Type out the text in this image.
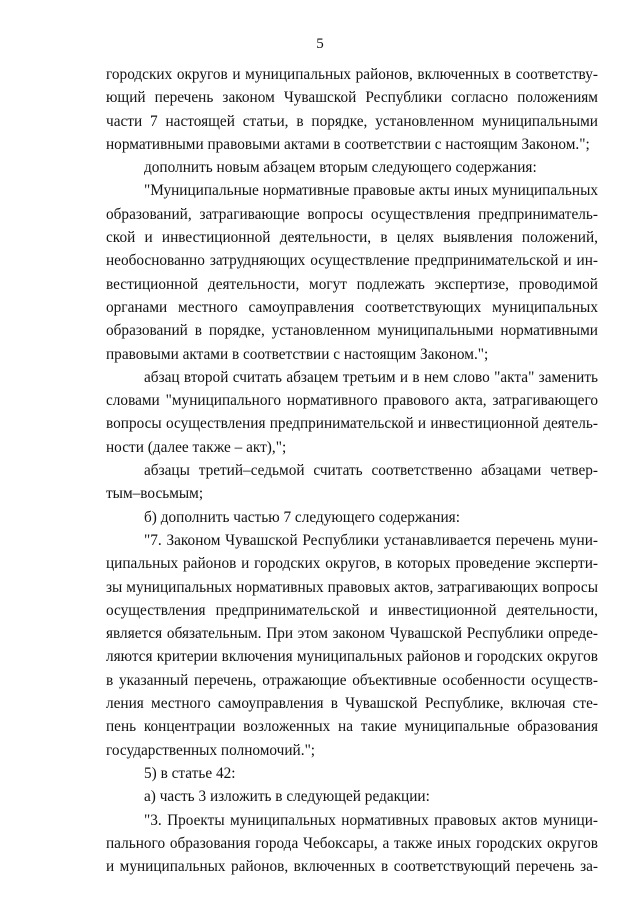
5
городских округов и муниципальных районов, включенных в соответству-
ющий перечень законом Чувашской Республики согласно положениям
части 7 настоящей статьи, в порядке, установленном муниципальными
нормативными правовыми актами в соответствии с настоящим Законом.";
дополнить новым абзацем вторым следующего содержания:
"Муниципальные нормативные правовые акты иных муниципальных
образований, затрагивающие вопросы осуществления предприниматель-
ской и инвестиционной деятельности, в целях выявления положений,
необоснованно затрудняющих осуществление предпринимательской и ин-
вестиционной деятельности, могут подлежать экспертизе, проводимой
органами местного самоуправления соответствующих муниципальных
образований в порядке, установленном муниципальными нормативными
правовыми актами в соответствии с настоящим Законом.";
абзац второй считать абзацем третьим и в нем слово "акта" заменить
словами "муниципального нормативного правового акта, затрагивающего
вопросы осуществления предпринимательской и инвестиционной деятель-
ности (далее также – акт),";
абзацы третий–седьмой считать соответственно абзацами четвер-
тым–восьмым;
б) дополнить частью 7 следующего содержания:
"7. Законом Чувашской Республики устанавливается перечень муни-
ципальных районов и городских округов, в которых проведение эксперти-
зы муниципальных нормативных правовых актов, затрагивающих вопросы
осуществления предпринимательской и инвестиционной деятельности,
является обязательным. При этом законом Чувашской Республики опреде-
ляются критерии включения муниципальных районов и городских округов
в указанный перечень, отражающие объективные особенности осуществ-
ления местного самоуправления в Чувашской Республике, включая сте-
пень концентрации возложенных на такие муниципальные образования
государственных полномочий.";
5) в статье 42:
а) часть 3 изложить в следующей редакции:
"3. Проекты муниципальных нормативных правовых актов муници-
пального образования города Чебоксары, а также иных городских округов
и муниципальных районов, включенных в соответствующий перечень за-
